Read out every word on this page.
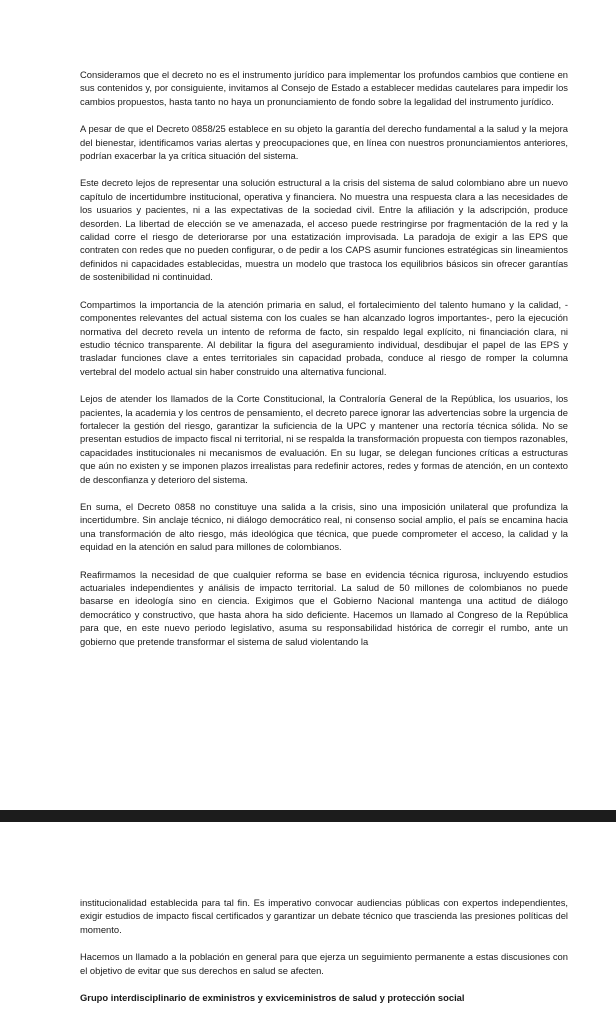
Consideramos que el decreto no es el instrumento jurídico para implementar los profundos cambios que contiene en sus contenidos y, por consiguiente, invitamos al Consejo de Estado a establecer medidas cautelares para impedir los cambios propuestos, hasta tanto no haya un pronunciamiento de fondo sobre la legalidad del instrumento jurídico.

A pesar de que el Decreto 0858/25 establece en su objeto la garantía del derecho fundamental a la salud y la mejora del bienestar, identificamos varias alertas y preocupaciones que, en línea con nuestros pronunciamientos anteriores, podrían exacerbar la ya crítica situación del sistema.

Este decreto lejos de representar una solución estructural a la crisis del sistema de salud colombiano abre un nuevo capítulo de incertidumbre institucional, operativa y financiera. No muestra una respuesta clara a las necesidades de los usuarios y pacientes, ni a las expectativas de la sociedad civil. Entre la afiliación y la adscripción, produce desorden. La libertad de elección se ve amenazada, el acceso puede restringirse por fragmentación de la red y la calidad corre el riesgo de deteriorarse por una estatización improvisada. La paradoja de exigir a las EPS que contraten con redes que no pueden configurar, o de pedir a los CAPS asumir funciones estratégicas sin lineamientos definidos ni capacidades establecidas, muestra un modelo que trastoca los equilibrios básicos sin ofrecer garantías de sostenibilidad ni continuidad.

Compartimos la importancia de la atención primaria en salud, el fortalecimiento del talento humano y la calidad, -componentes relevantes del actual sistema con los cuales se han alcanzado logros importantes-, pero la ejecución normativa del decreto revela un intento de reforma de facto, sin respaldo legal explícito, ni financiación clara, ni estudio técnico transparente. Al debilitar la figura del aseguramiento individual, desdibujar el papel de las EPS y trasladar funciones clave a entes territoriales sin capacidad probada, conduce al riesgo de romper la columna vertebral del modelo actual sin haber construido una alternativa funcional.

Lejos de atender los llamados de la Corte Constitucional, la Contraloría General de la República, los usuarios, los pacientes, la academia y los centros de pensamiento, el decreto parece ignorar las advertencias sobre la urgencia de fortalecer la gestión del riesgo, garantizar la suficiencia de la UPC y mantener una rectoría técnica sólida. No se presentan estudios de impacto fiscal ni territorial, ni se respalda la transformación propuesta con tiempos razonables, capacidades institucionales ni mecanismos de evaluación. En su lugar, se delegan funciones críticas a estructuras que aún no existen y se imponen plazos irrealistas para redefinir actores, redes y formas de atención, en un contexto de desconfianza y deterioro del sistema.

En suma, el Decreto 0858 no constituye una salida a la crisis, sino una imposición unilateral que profundiza la incertidumbre. Sin anclaje técnico, ni diálogo democrático real, ni consenso social amplio, el país se encamina hacia una transformación de alto riesgo, más ideológica que técnica, que puede comprometer el acceso, la calidad y la equidad en la atención en salud para millones de colombianos.

Reafirmamos la necesidad de que cualquier reforma se base en evidencia técnica rigurosa, incluyendo estudios actuariales independientes y análisis de impacto territorial. La salud de 50 millones de colombianos no puede basarse en ideología sino en ciencia. Exigimos que el Gobierno Nacional mantenga una actitud de diálogo democrático y constructivo, que hasta ahora ha sido deficiente. Hacemos un llamado al Congreso de la República para que, en este nuevo periodo legislativo, asuma su responsabilidad histórica de corregir el rumbo, ante un gobierno que pretende transformar el sistema de salud violentando la

institucionalidad establecida para tal fin. Es imperativo convocar audiencias públicas con expertos independientes, exigir estudios de impacto fiscal certificados y garantizar un debate técnico que trascienda las presiones políticas del momento.

Hacemos un llamado a la población en general para que ejerza un seguimiento permanente a estas discusiones con el objetivo de evitar que sus derechos en salud se afecten.

Grupo interdisciplinario de exministros y exviceministros de salud y protección social
